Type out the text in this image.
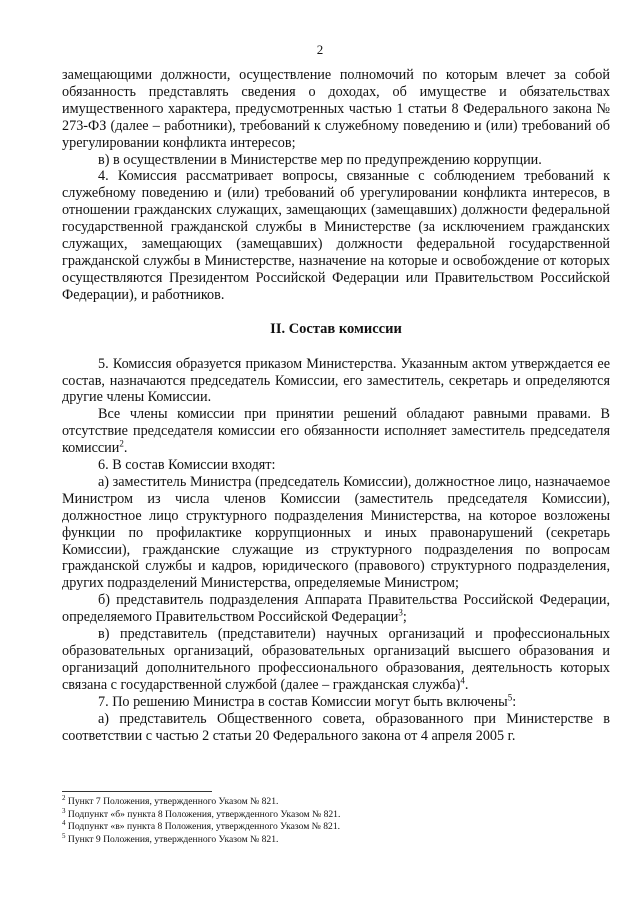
2

замещающими должности, осуществление полномочий по которым влечет за собой обязанность представлять сведения о доходах, об имуществе и обязательствах имущественного характера, предусмотренных частью 1 статьи 8 Федерального закона № 273-ФЗ (далее – работники), требований к служебному поведению и (или) требований об урегулировании конфликта интересов;

в) в осуществлении в Министерстве мер по предупреждению коррупции.

4. Комиссия рассматривает вопросы, связанные с соблюдением требований к служебному поведению и (или) требований об урегулировании конфликта интересов, в отношении гражданских служащих, замещающих (замещавших) должности федеральной государственной гражданской службы в Министерстве (за исключением гражданских служащих, замещающих (замещавших) должности федеральной государственной гражданской службы в Министерстве, назначение на которые и освобождение от которых осуществляются Президентом Российской Федерации или Правительством Российской Федерации), и работников.

II. Состав комиссии

5. Комиссия образуется приказом Министерства. Указанным актом утверждается ее состав, назначаются председатель Комиссии, его заместитель, секретарь и определяются другие члены Комиссии.

Все члены комиссии при принятии решений обладают равными правами. В отсутствие председателя комиссии его обязанности исполняет заместитель председателя комиссии$^2$.

6. В состав Комиссии входят:

а) заместитель Министра (председатель Комиссии), должностное лицо, назначаемое Министром из числа членов Комиссии (заместитель председателя Комиссии), должностное лицо структурного подразделения Министерства, на которое возложены функции по профилактике коррупционных и иных правонарушений (секретарь Комиссии), гражданские служащие из структурного подразделения по вопросам гражданской службы и кадров, юридического (правового) структурного подразделения, других подразделений Министерства, определяемые Министром;

б) представитель подразделения Аппарата Правительства Российской Федерации, определяемого Правительством Российской Федерации$^3$;

в) представитель (представители) научных организаций и профессиональных образовательных организаций, образовательных организаций высшего образования и организаций дополнительного профессионального образования, деятельность которых связана с государственной службой (далее – гражданская служба)$^4$.

7. По решению Министра в состав Комиссии могут быть включены$^5$:

а) представитель Общественного совета, образованного при Министерстве в соответствии с частью 2 статьи 20 Федерального закона от 4 апреля 2005 г.

$^2$ Пункт 7 Положения, утвержденного Указом № 821.

$^3$ Подпункт «б» пункта 8 Положения, утвержденного Указом № 821.

$^4$ Подпункт «в» пункта 8 Положения, утвержденного Указом № 821.

$^5$ Пункт 9 Положения, утвержденного Указом № 821.
